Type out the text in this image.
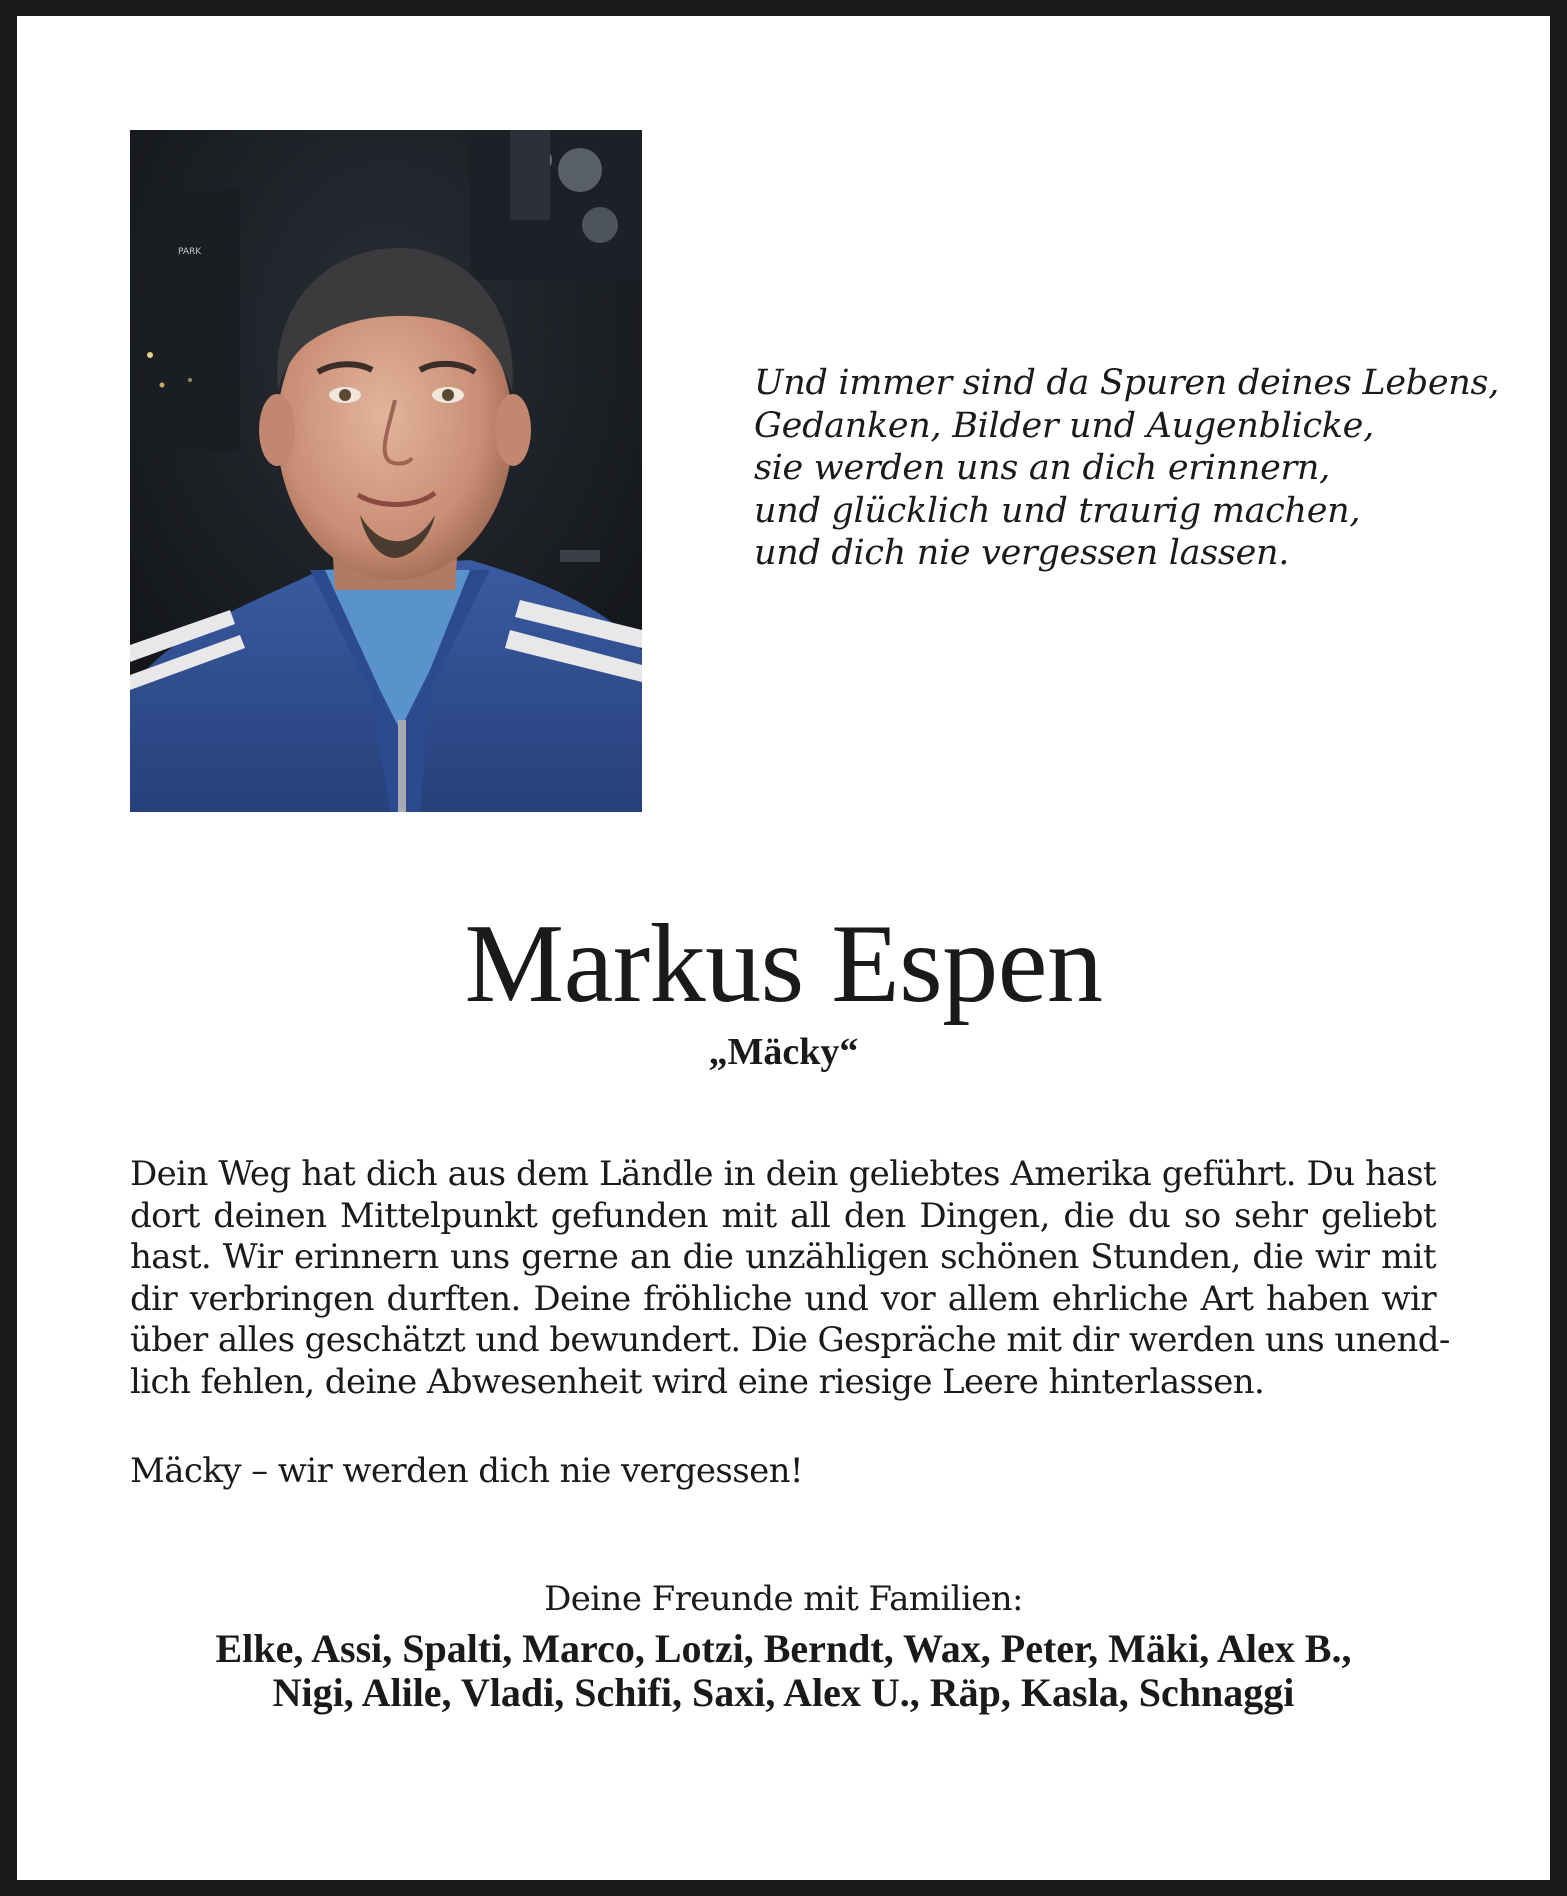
PARK
Und immer sind da Spuren deines Lebens,
Gedanken, Bilder und Augenblicke,
sie werden uns an dich erinnern,
und glücklich und traurig machen,
und dich nie vergessen lassen.
Markus Espen
„Mäcky“
Dein Weg hat dich aus dem Ländle in dein geliebtes Amerika geführt. Du hast
dort deinen Mittelpunkt gefunden mit all den Dingen, die du so sehr geliebt
hast. Wir erinnern uns gerne an die unzähligen schönen Stunden, die wir mit
dir verbringen durften. Deine fröhliche und vor allem ehrliche Art haben wir
über alles geschätzt und bewundert. Die Gespräche mit dir werden uns unend-
lich fehlen, deine Abwesenheit wird eine riesige Leere hinterlassen.
Mäcky – wir werden dich nie vergessen!
Deine Freunde mit Familien:
Elke, Assi, Spalti, Marco, Lotzi, Berndt, Wax, Peter, Mäki, Alex B.,
Nigi, Alile, Vladi, Schifi, Saxi, Alex U., Räp, Kasla, Schnaggi
